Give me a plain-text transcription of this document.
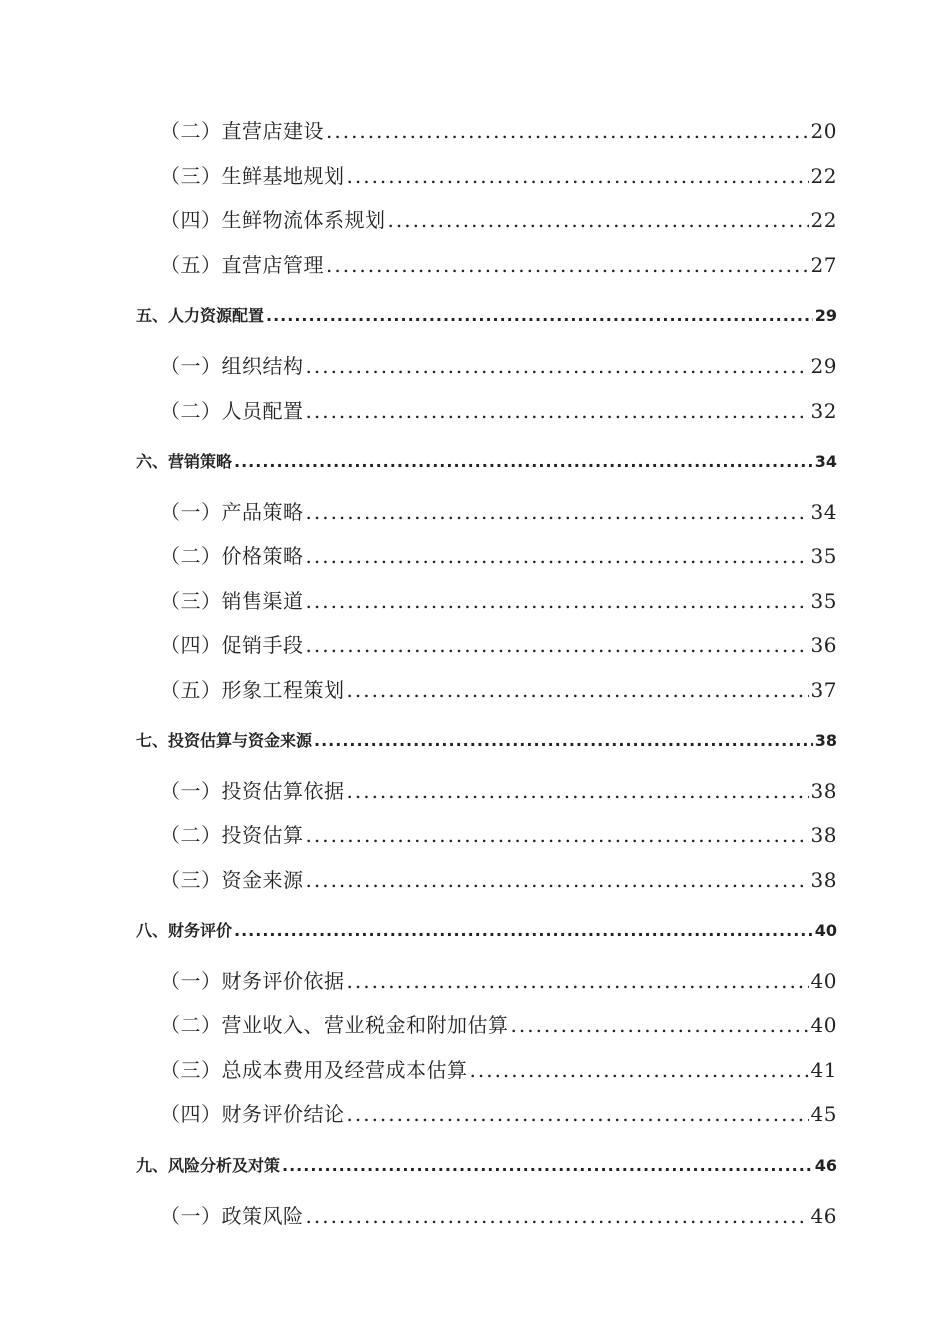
（二）直营店建设 .....	20
（三）生鲜基地规划 .....	22
（四）生鲜物流体系规划 .....	22
（五）直营店管理 .....	27
五、人力资源配置 .....	29
（一）组织结构 .....	29
（二）人员配置 .....	32
六、营销策略 .....	34
（一）产品策略 .....	34
（二）价格策略 .....	35
（三）销售渠道 .....	35
（四）促销手段 .....	36
（五）形象工程策划 .....	37
七、投资估算与资金来源 .....	38
（一）投资估算依据 .....	38
（二）投资估算 .....	38
（三）资金来源 .....	38
八、财务评价 .....	40
（一）财务评价依据 .....	40
（二）营业收入、营业税金和附加估算 .....	40
（三）总成本费用及经营成本估算 .....	41
（四）财务评价结论 .....	45
九、风险分析及对策 .....	46
（一）政策风险 .....	46
